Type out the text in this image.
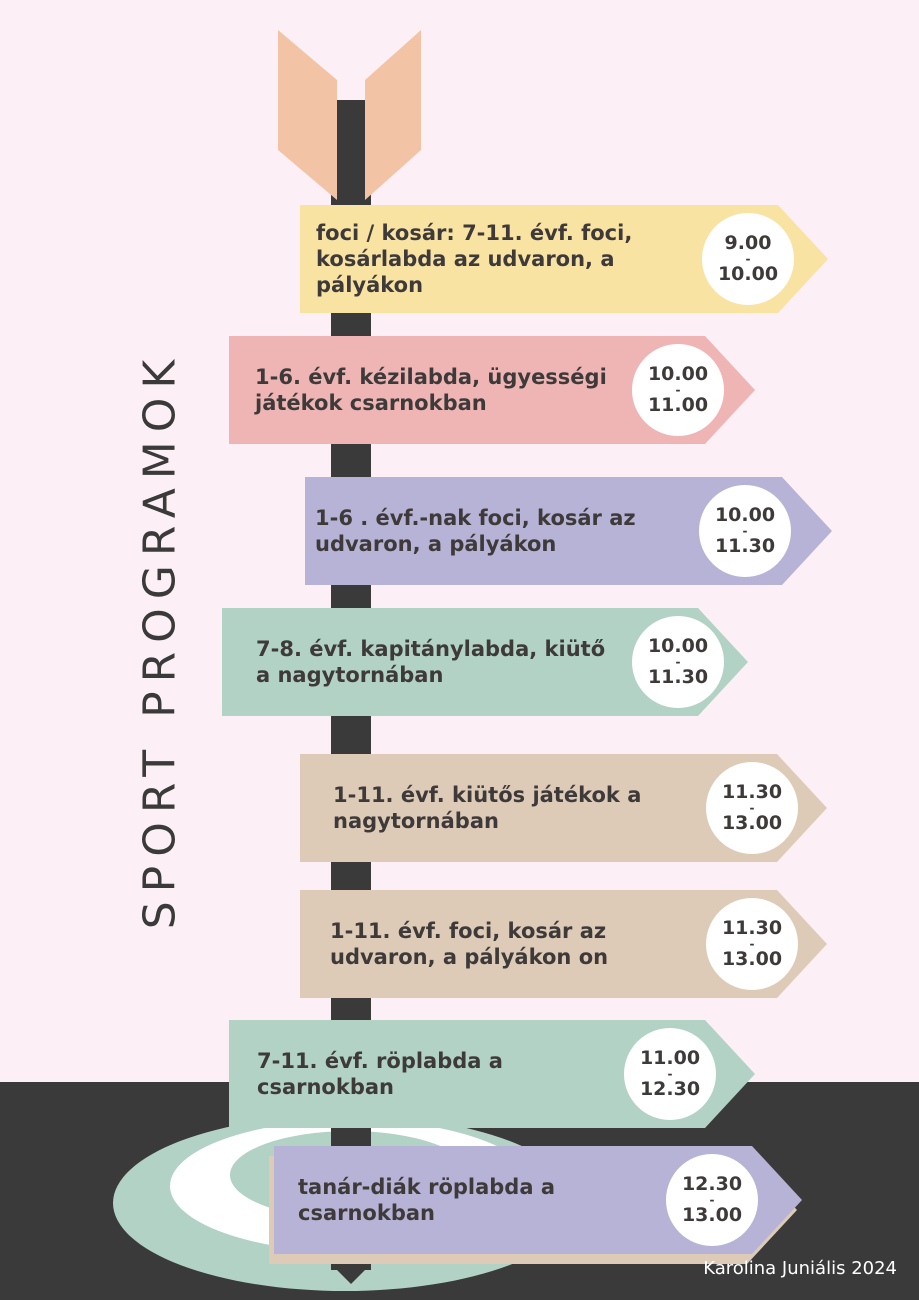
SPORT PROGRAMOK
foci / kosár: 7-11. évf. foci,
kosárlabda az udvaron, a
pályákon
9.00
-
10.00
1-6. évf. kézilabda, ügyességi
játékok csarnokban
10.00
-
11.00
1-6 . évf.-nak foci, kosár az
udvaron, a pályákon
10.00
-
11.30
7-8. évf. kapitánylabda, kiütő
a nagytornában
10.00
-
11.30
1-11. évf. kiütős játékok a
nagytornában
11.30
-
13.00
1-11. évf. foci, kosár az
udvaron, a pályákon on
11.30
-
13.00
7-11. évf. röplabda a
csarnokban
11.00
-
12.30
tanár-diák röplabda a
csarnokban
12.30
-
13.00
Karolina Juniális 2024
